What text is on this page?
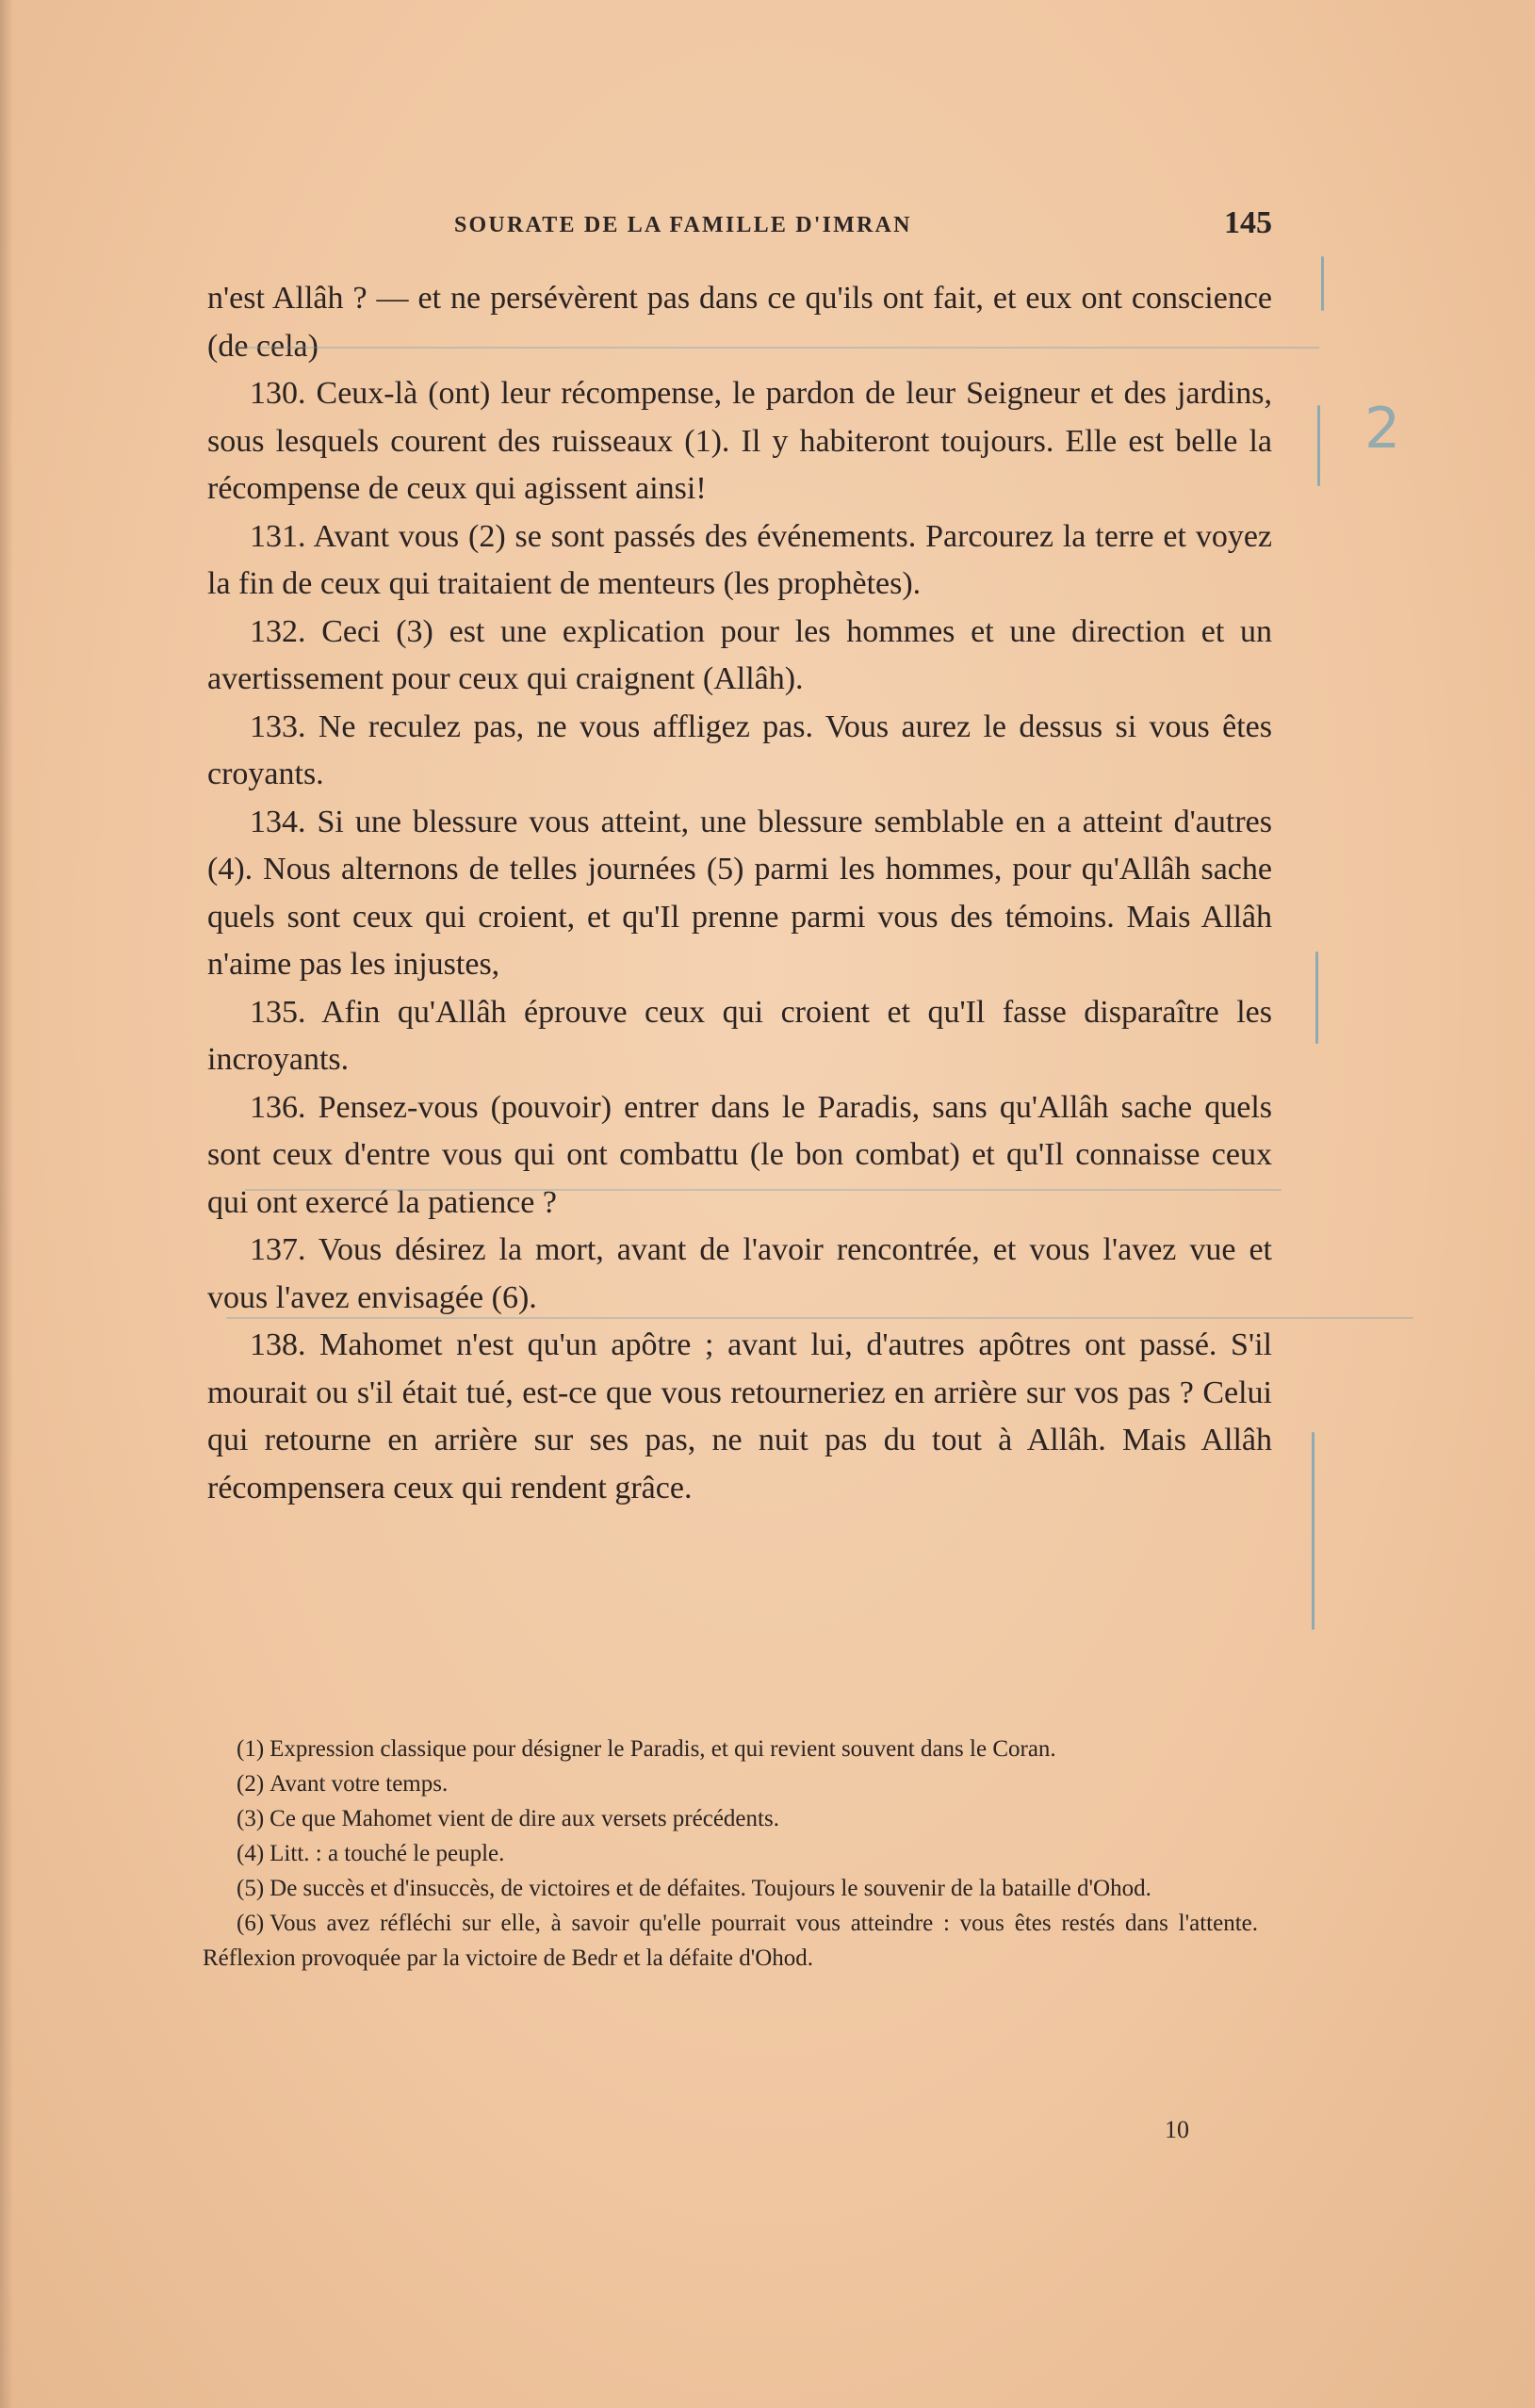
SOURATE DE LA FAMILLE D'IMRAN	145

n'est Allâh ? — et ne persévèrent pas dans ce qu'ils ont fait, et eux ont conscience (de cela)

130. Ceux-là (ont) leur récompense, le pardon de leur Seigneur et des jardins, sous lesquels courent des ruisseaux (1). Il y habiteront toujours. Elle est belle la récompense de ceux qui agissent ainsi!

131. Avant vous (2) se sont passés des événements. Parcourez la terre et voyez la fin de ceux qui traitaient de menteurs (les prophètes).

132. Ceci (3) est une explication pour les hommes et une direction et un avertissement pour ceux qui craignent (Allâh).

133. Ne reculez pas, ne vous affligez pas. Vous aurez le dessus si vous êtes croyants.

134. Si une blessure vous atteint, une blessure semblable en a atteint d'autres (4). Nous alternons de telles journées (5) parmi les hommes, pour qu'Allâh sache quels sont ceux qui croient, et qu'Il prenne parmi vous des témoins. Mais Allâh n'aime pas les injustes,

135. Afin qu'Allâh éprouve ceux qui croient et qu'Il fasse disparaître les incroyants.

136. Pensez-vous (pouvoir) entrer dans le Paradis, sans qu'Allâh sache quels sont ceux d'entre vous qui ont combattu (le bon combat) et qu'Il connaisse ceux qui ont exercé la patience ?

137. Vous désirez la mort, avant de l'avoir rencontrée, et vous l'avez vue et vous l'avez envisagée (6).

138. Mahomet n'est qu'un apôtre ; avant lui, d'autres apôtres ont passé. S'il mourait ou s'il était tué, est-ce que vous retourneriez en arrière sur vos pas ? Celui qui retourne en arrière sur ses pas, ne nuit pas du tout à Allâh. Mais Allâh récompensera ceux qui rendent grâce.

(1) Expression classique pour désigner le Paradis, et qui revient souvent dans le Coran.

(2) Avant votre temps.

(3) Ce que Mahomet vient de dire aux versets précédents.

(4) Litt. : a touché le peuple.

(5) De succès et d'insuccès, de victoires et de défaites. Toujours le souvenir de la bataille d'Ohod.

(6) Vous avez réfléchi sur elle, à savoir qu'elle pourrait vous atteindre : vous êtes restés dans l'attente. Réflexion provoquée par la victoire de Bedr et la défaite d'Ohod.

10
2
